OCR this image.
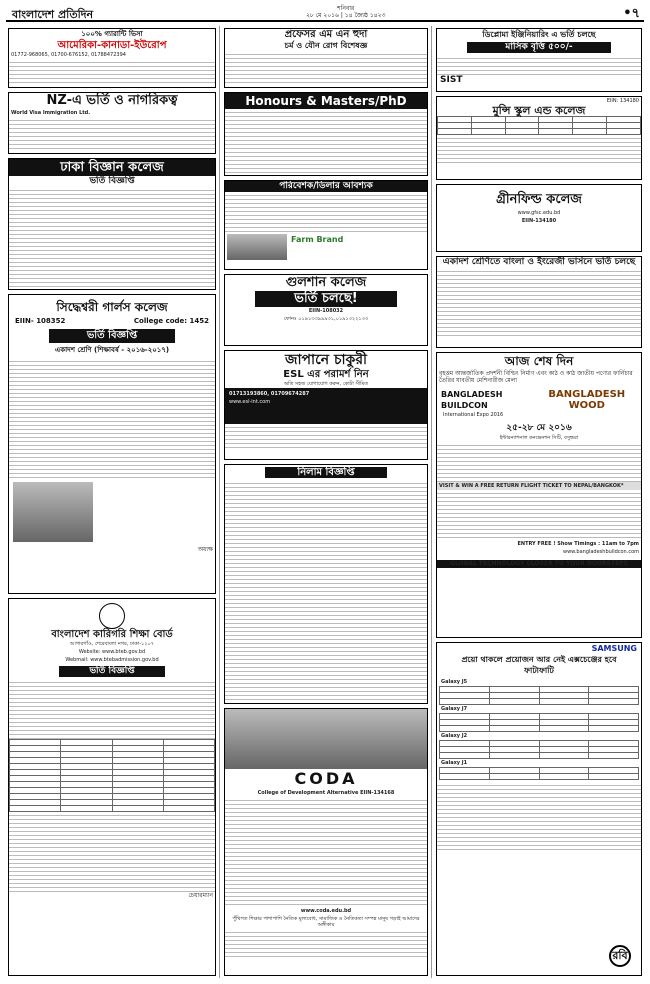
বাংলাদেশ প্রতিদিন	শনিবার
২৮ মে ২০১৬ | ১৪ জ্যৈষ্ঠ ১৪২৩	•৭
১০০% গ্যারান্টি ভিসা
আমেরিকা-কানাডা-ইউরোপ
01772-968065, 01700-676152, 01788472394
NZ-এ ভর্তি ও নাগরিকত্ব
World Visa Immigration Ltd.
ঢাকা বিজ্ঞান কলেজ
ভর্তি বিজ্ঞপ্তি
সিদ্ধেশ্বরী গার্লস কলেজ
EIIN- 108352	College code: 1452
ভর্তি বিজ্ঞপ্তি
একাদশ শ্রেণি (শিক্ষাবর্ষ - ২০১৬-২০১৭)
অধ্যক্ষ
বাংলাদেশ কারিগরি শিক্ষা বোর্ড
আগারগাঁও, শেরেবাংলা নগর, ঢাকা-১২০৭
Website: www.bteb.gov.bd
Webmail: www.btebadmission.gov.bd
ভর্তি বিজ্ঞপ্তি

চেয়ারম্যান
প্রফেসর এম এন হুদা
চর্ম ও যৌন রোগ বিশেষজ্ঞ
Honours & Masters/PhD
পরিবেশক/ডিলার আবশ্যক
Farm Brand
গুলশান কলেজ
ভর্তি চলছে!
EIIN-108032
ফোনঃ ০১৯১৩৩৯৯৯৩১,০১৯১৩২২১৩৩
জাপানে চাকুরী
ESL এর পরামর্শ নিন
অতি সহজ যোগাযোগ করুন, কোটা সীমিত
01713193860, 01709674287
www.esl-int.com
নিলাম বিজ্ঞপ্তি
CODA
College of Development Alternative EIIN-134168
www.coda.edu.bd
পুঁথিগত শিক্ষার পাশাপাশি নৈতিক মূল্যবোধ, সামাজিক ও নৈতিকতা সম্পন্ন মানুষ গড়াই আমাদের অঙ্গীকার
ডিপ্লোমা ইঞ্জিনিয়ারিং এ ভর্তি চলছে
মাসিক বৃত্তি ৫০০/-
SIST
EIIN: 134180
মুন্সি স্কুল এন্ড কলেজ

গ্রীনফিল্ড কলেজ
www.gfsc.edu.bd
EIIN-134180
একাদশ শ্রেণিতে বাংলা ও ইংরেজী ভার্সনে ভর্তি চলছে
আজ শেষ দিন
বৃহত্তম আন্তর্জাতিক প্রদর্শনী বিল্ডিং নির্মাণ এবং কাঠ ও কাঠ জাতীয় পণ্যের ফার্নিচার তৈরির যাবতীয় মেশিনারীজ মেলা
BANGLADESH BUILDCON
International Expo 2016
BANGLADESH WOOD
২৫-২৮ মে ২০১৬
ইন্টারন্যাশনাল কনভেনশন সিটি, বসুন্ধরা
VISIT & WIN A FREE RETURN FLIGHT TICKET TO NEPAL/BANGKOK*
ENTRY FREE ! Show Timings : 11am to 7pm
www.bangladeshbuildcon.com
GLOBAL TECHNOLOGY CLOSER TO YOUR DOORSTEPS
SAMSUNG
প্রয়ো থাকলে প্রয়োজন আর নেই এক্সচেঞ্জের হবে ফাটাফাটি
Galaxy J5

Galaxy J7

Galaxy J2

Galaxy J1

রবি
